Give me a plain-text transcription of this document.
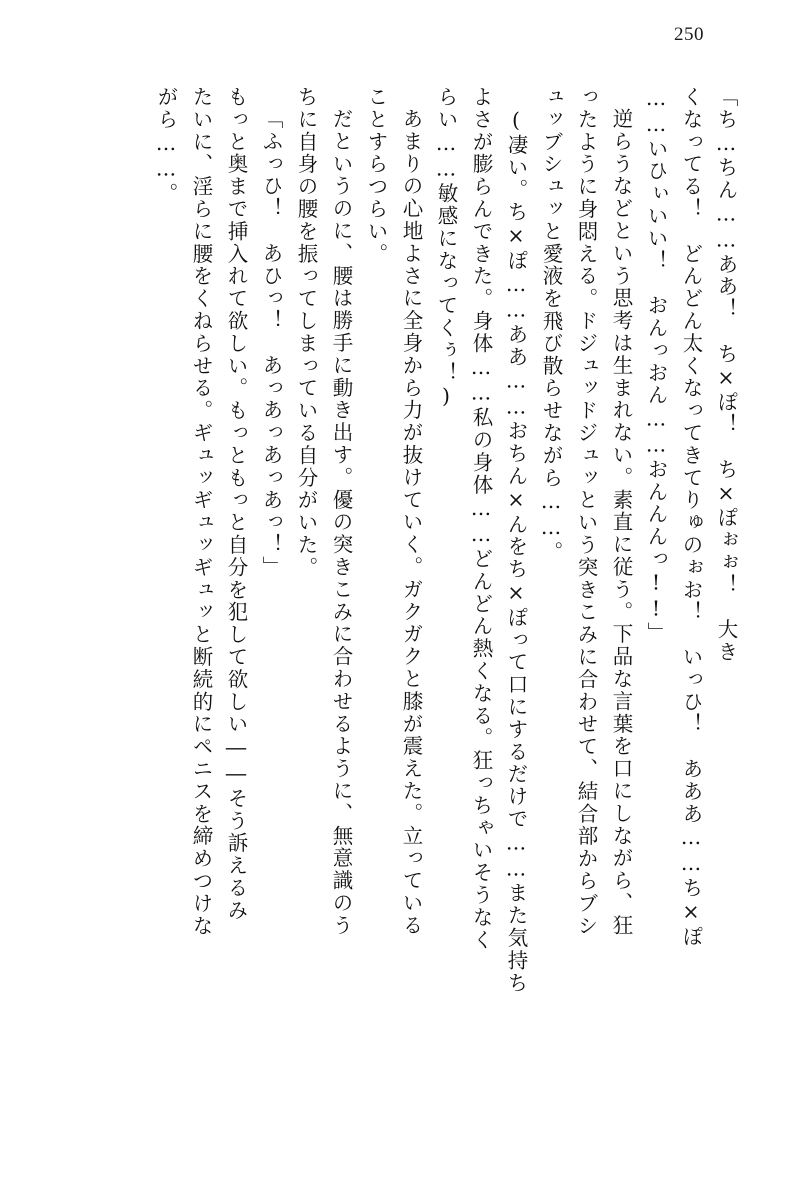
250
「ち…ちん……ああ！　ち×ぽ！　ち×ぽぉぉ！　大き
くなってる！　どんどん太くなってきてりゅのぉお！　いっひ！　あああ……ち×ぽ
……いひぃいい！　おんっおん……おんんんっ!!」
逆らうなどという思考は生まれない。素直に従う。下品な言葉を口にしながら、狂
ったように身悶える。ドジュッドジュッという突きこみに合わせて、結合部からブシ
ュッブシュッと愛液を飛び散らせながら……。
(凄い。ち×ぽ……ああ……おちん×んをち×ぽって口にするだけで……また気持ち
よさが膨らんできた。身体……私の身体……どんどん熱くなる。狂っちゃいそうなく
らい……敏感になってくぅ！)
あまりの心地よさに全身から力が抜けていく。ガクガクと膝が震えた。立っている
ことすらつらい。
だというのに、腰は勝手に動き出す。優の突きこみに合わせるように、無意識のう
ちに自身の腰を振ってしまっている自分がいた。
「ふっひ！　あひっ！　あっあっあっあっ！」
もっと奥まで挿入れて欲しい。もっともっと自分を犯して欲しい――そう訴えるみ
たいに、淫らに腰をくねらせる。ギュッギュッギュッと断続的にペニスを締めつけな
がら……。
